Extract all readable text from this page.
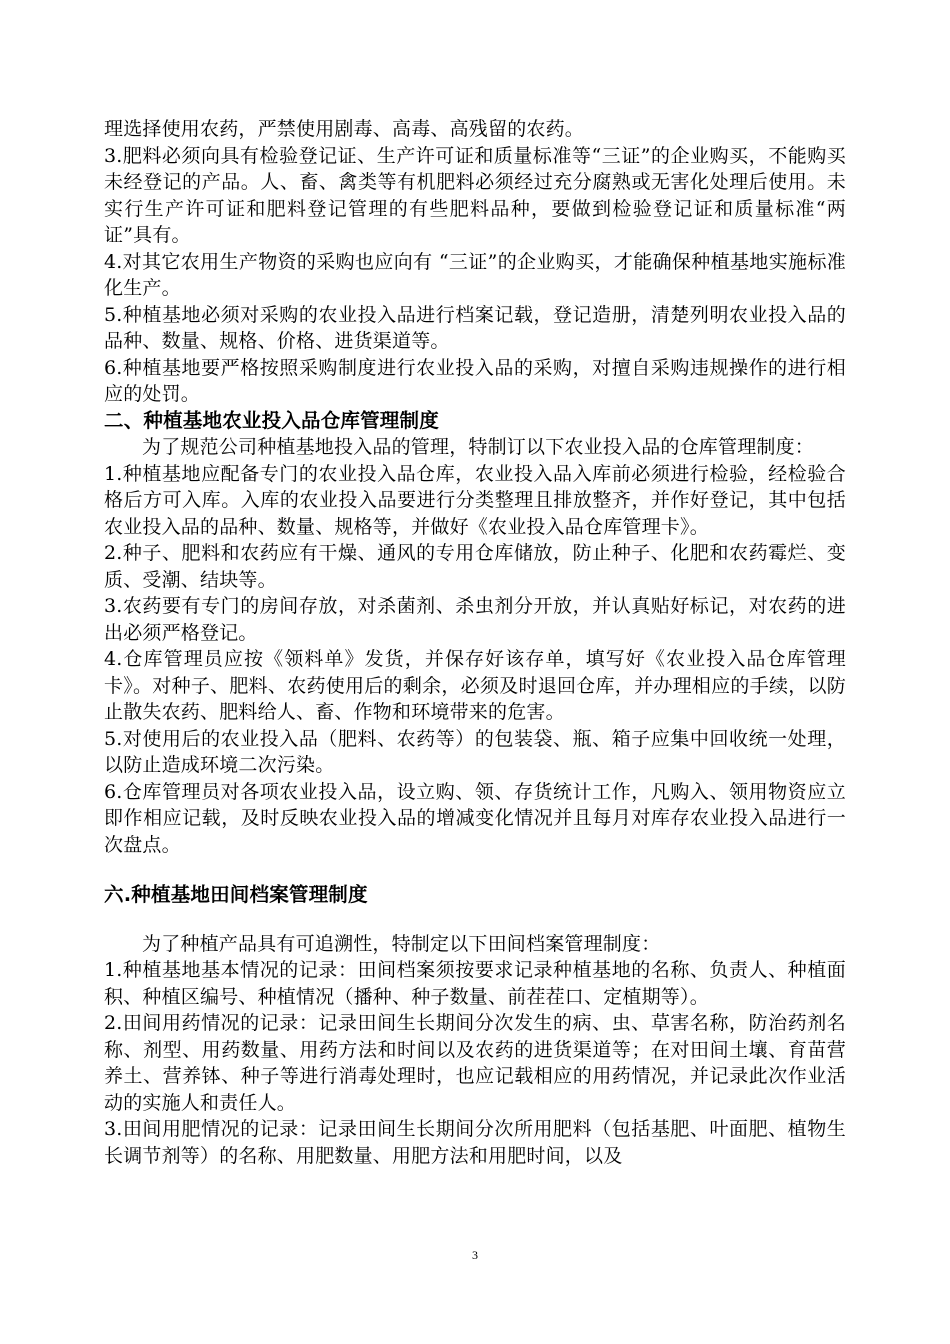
理选择使用农药，严禁使用剧毒、高毒、高残留的农药。

3.肥料必须向具有检验登记证、生产许可证和质量标准等“三证”的企业购买，不能购买未经登记的产品。人、畜、禽类等有机肥料必须经过充分腐熟或无害化处理后使用。未实行生产许可证和肥料登记管理的有些肥料品种，要做到检验登记证和质量标准“两证”具有。

4.对其它农用生产物资的采购也应向有 “三证”的企业购买，才能确保种植基地实施标准化生产。

5.种植基地必须对采购的农业投入品进行档案记载，登记造册，清楚列明农业投入品的品种、数量、规格、价格、进货渠道等。

6.种植基地要严格按照采购制度进行农业投入品的采购，对擅自采购违规操作的进行相应的处罚。

二、种植基地农业投入品仓库管理制度

为了规范公司种植基地投入品的管理，特制订以下农业投入品的仓库管理制度：

1.种植基地应配备专门的农业投入品仓库，农业投入品入库前必须进行检验，经检验合格后方可入库。入库的农业投入品要进行分类整理且排放整齐，并作好登记，其中包括农业投入品的品种、数量、规格等，并做好《农业投入品仓库管理卡》。

2.种子、肥料和农药应有干燥、通风的专用仓库储放，防止种子、化肥和农药霉烂、变质、受潮、结块等。

3.农药要有专门的房间存放，对杀菌剂、杀虫剂分开放，并认真贴好标记，对农药的进出必须严格登记。

4.仓库管理员应按《领料单》发货，并保存好该存单，填写好《农业投入品仓库管理卡》。对种子、肥料、农药使用后的剩余，必须及时退回仓库，并办理相应的手续，以防止散失农药、肥料给人、畜、作物和环境带来的危害。

5.对使用后的农业投入品（肥料、农药等）的包装袋、瓶、箱子应集中回收统一处理，以防止造成环境二次污染。

6.仓库管理员对各项农业投入品，设立购、领、存货统计工作，凡购入、领用物资应立即作相应记载，及时反映农业投入品的增减变化情况并且每月对库存农业投入品进行一次盘点。

六.种植基地田间档案管理制度

为了种植产品具有可追溯性，特制定以下田间档案管理制度：

1.种植基地基本情况的记录：田间档案须按要求记录种植基地的名称、负责人、种植面积、种植区编号、种植情况（播种、种子数量、前茬茬口、定植期等）。

2.田间用药情况的记录：记录田间生长期间分次发生的病、虫、草害名称，防治药剂名称、剂型、用药数量、用药方法和时间以及农药的进货渠道等；在对田间土壤、育苗营养土、营养钵、种子等进行消毒处理时，也应记载相应的用药情况，并记录此次作业活动的实施人和责任人。

3.田间用肥情况的记录：记录田间生长期间分次所用肥料（包括基肥、叶面肥、植物生长调节剂等）的名称、用肥数量、用肥方法和用肥时间，以及

3
